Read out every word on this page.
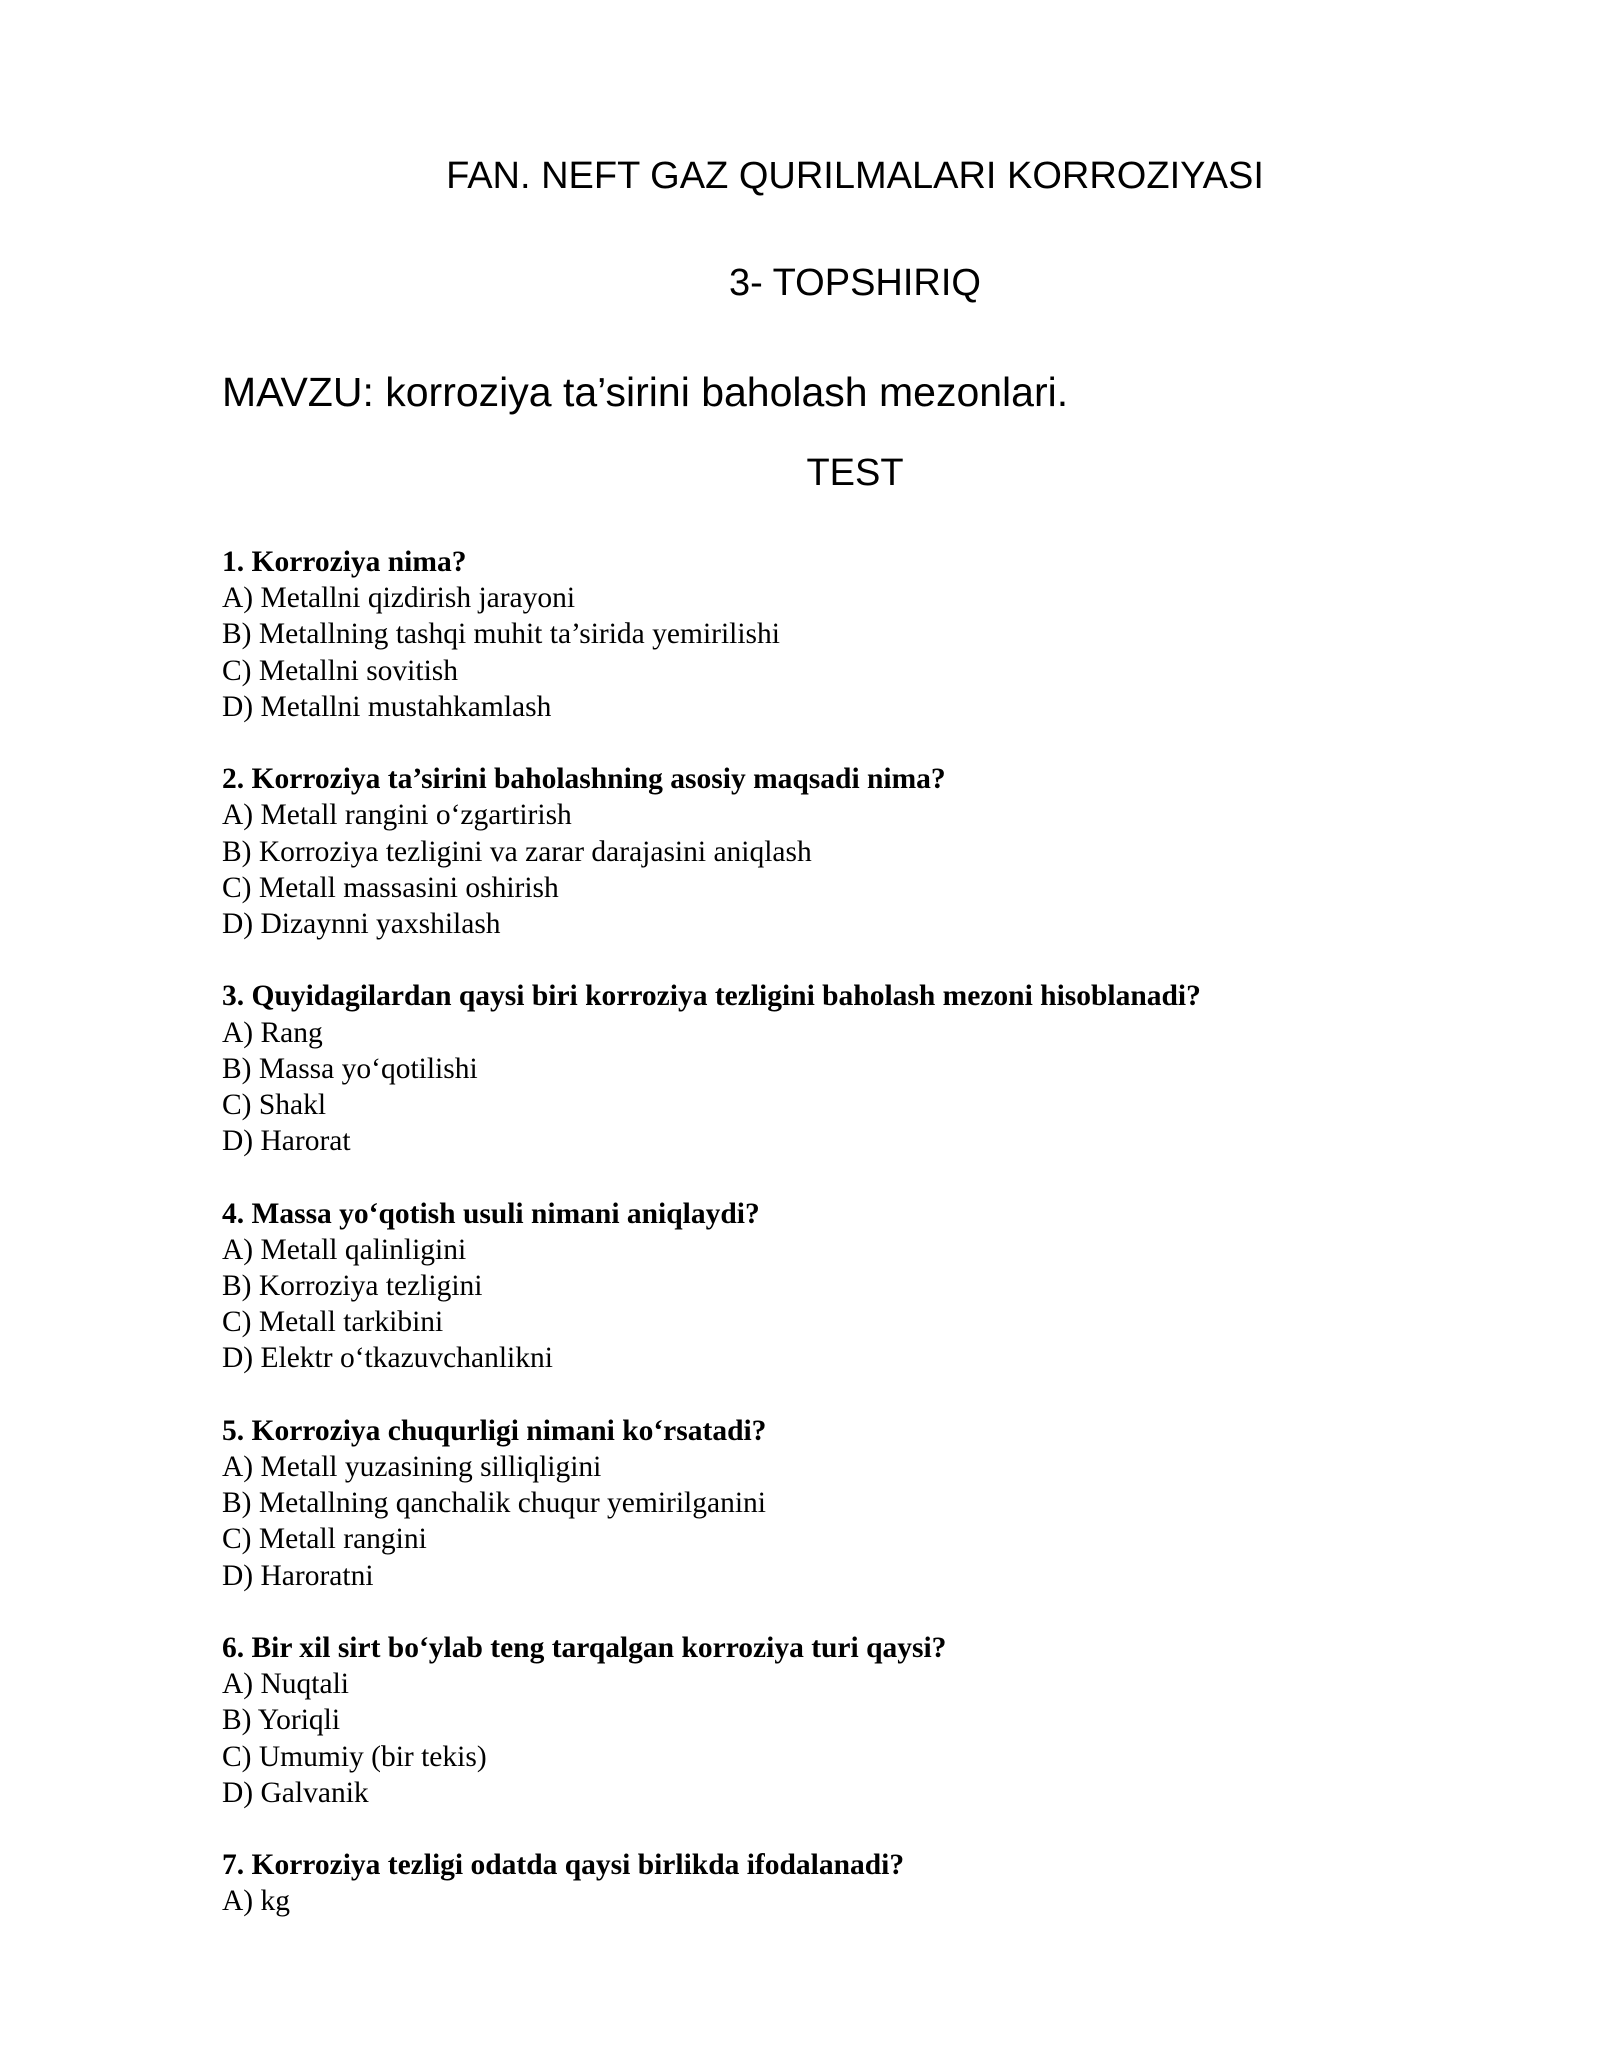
FAN. NEFT GAZ QURILMALARI KORROZIYASI
3- TOPSHIRIQ
MAVZU: korroziya ta’sirini baholash mezonlari.
TEST
1. Korroziya nima?
A) Metallni qizdirish jarayoni
B) Metallning tashqi muhit ta’sirida yemirilishi
C) Metallni sovitish
D) Metallni mustahkamlash
2. Korroziya ta’sirini baholashning asosiy maqsadi nima?
A) Metall rangini o‘zgartirish
B) Korroziya tezligini va zarar darajasini aniqlash
C) Metall massasini oshirish
D) Dizaynni yaxshilash
3. Quyidagilardan qaysi biri korroziya tezligini baholash mezoni hisoblanadi?
A) Rang
B) Massa yo‘qotilishi
C) Shakl
D) Harorat
4. Massa yo‘qotish usuli nimani aniqlaydi?
A) Metall qalinligini
B) Korroziya tezligini
C) Metall tarkibini
D) Elektr o‘tkazuvchanlikni
5. Korroziya chuqurligi nimani ko‘rsatadi?
A) Metall yuzasining silliqligini
B) Metallning qanchalik chuqur yemirilganini
C) Metall rangini
D) Haroratni
6. Bir xil sirt bo‘ylab teng tarqalgan korroziya turi qaysi?
A) Nuqtali
B) Yoriqli
C) Umumiy (bir tekis)
D) Galvanik
7. Korroziya tezligi odatda qaysi birlikda ifodalanadi?
A) kg
